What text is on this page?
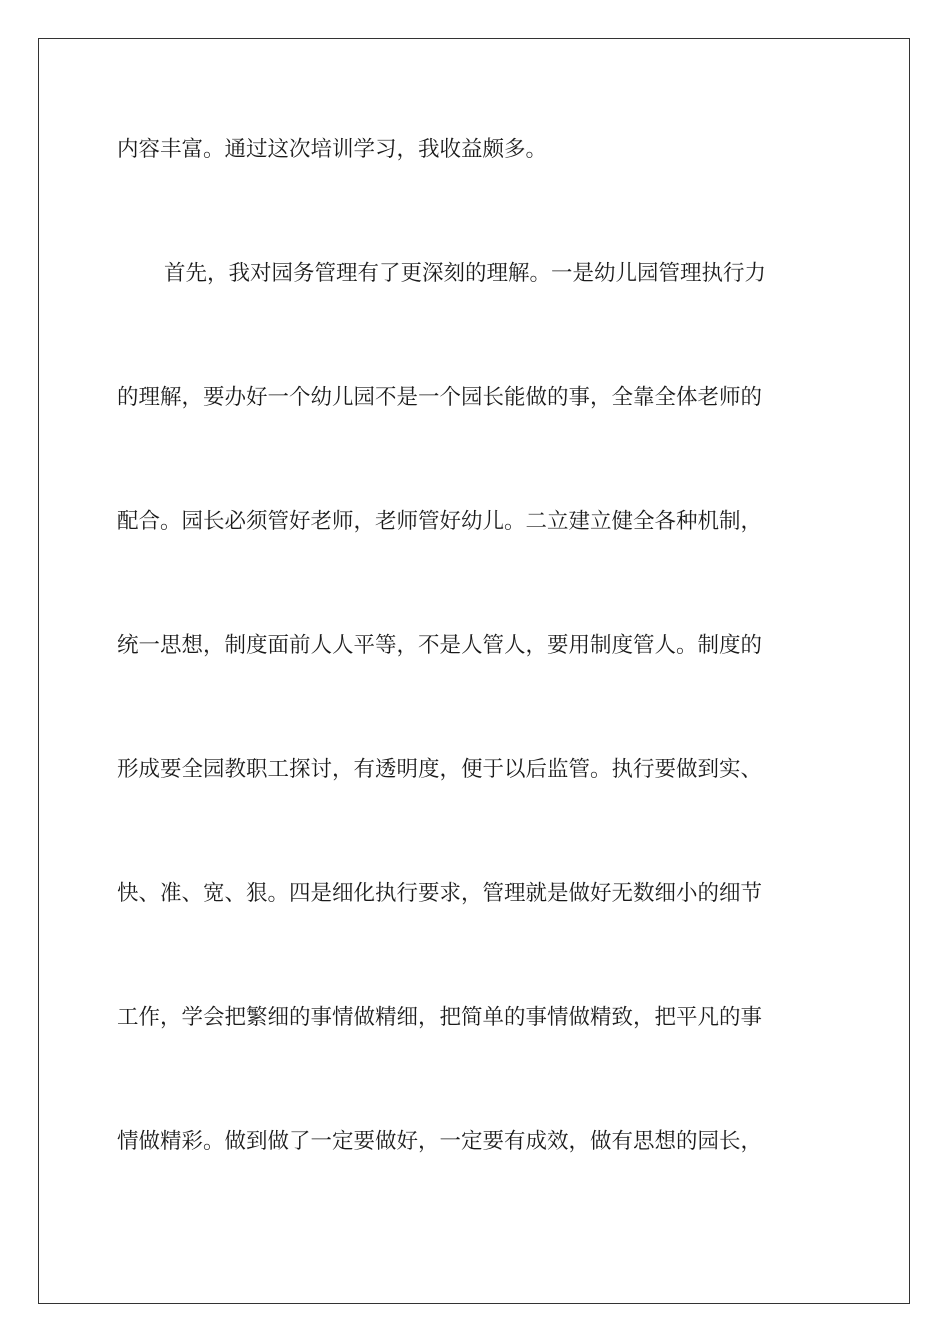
内容丰富。通过这次培训学习，我收益颇多。
首先，我对园务管理有了更深刻的理解。一是幼儿园管理执行力
的理解，要办好一个幼儿园不是一个园长能做的事，全靠全体老师的
配合。园长必须管好老师，老师管好幼儿。二立建立健全各种机制，
统一思想，制度面前人人平等，不是人管人，要用制度管人。制度的
形成要全园教职工探讨，有透明度，便于以后监管。执行要做到实、
快、准、宽、狠。四是细化执行要求，管理就是做好无数细小的细节
工作，学会把繁细的事情做精细，把简单的事情做精致，把平凡的事
情做精彩。做到做了一定要做好，一定要有成效，做有思想的园长，
